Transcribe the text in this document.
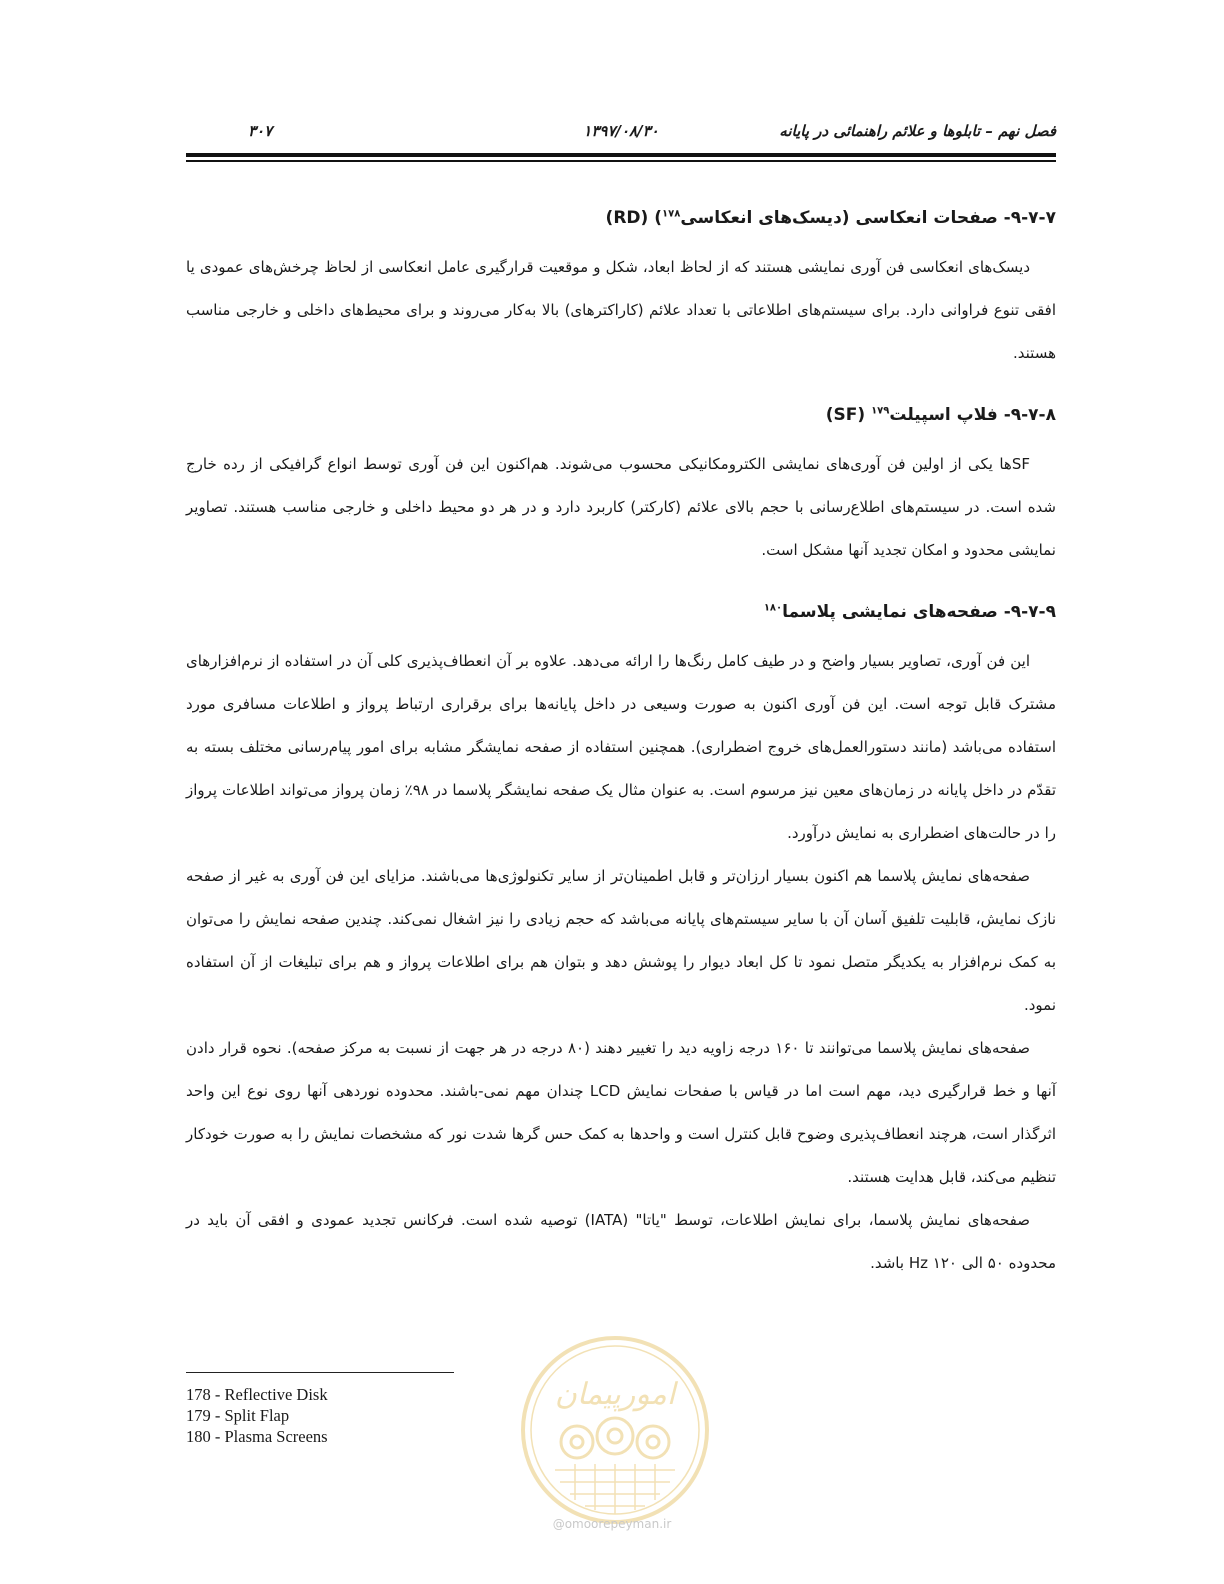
فصل نهم – تابلوها و علائم راهنمائی در پایانه
۱۳۹۷/۰۸/۳۰
۳۰۷
۹-۷-۷- صفحات انعکاسی (دیسک‌های انعکاسی$^{۱۷۸}$) (RD)

دیسک‌های انعکاسی فن آوری نمایشی هستند که از لحاظ ابعاد، شکل و موقعیت قرارگیری عامل انعکاسی از لحاظ چرخش‌های عمودی یا افقی تنوع فراوانی دارد. برای سیستم‌های اطلاعاتی با تعداد علائم (کاراکترهای) بالا به‌کار می‌روند و برای محیط‌های داخلی و خارجی مناسب هستند.

۹-۷-۸- فلاپ اسپیلت$^{۱۷۹}$ (SF)

SFها یکی از اولین فن آوری‌های نمایشی الکترومکانیکی محسوب می‌شوند. هم‌اکنون این فن آوری توسط انواع گرافیکی از رده خارج شده است. در سیستم‌های اطلاع‌رسانی با حجم بالای علائم (کارکتر) کاربرد دارد و در هر دو محیط داخلی و خارجی مناسب هستند. تصاویر نمایشی محدود و امکان تجدید آنها مشکل است.

۹-۷-۹- صفحه‌های نمایشی پلاسما$^{۱۸۰}$

این فن آوری، تصاویر بسیار واضح و در طیف کامل رنگ‌ها را ارائه می‌دهد. علاوه بر آن انعطاف‌پذیری کلی آن در استفاده از نرم‌افزارهای مشترک قابل توجه است. این فن آوری اکنون به صورت وسیعی در داخل پایانه‌ها برای برقراری ارتباط پرواز و اطلاعات مسافری مورد استفاده می‌باشد (مانند دستورالعمل‌های خروج اضطراری). همچنین استفاده از صفحه نمایشگر مشابه برای امور پیام‌رسانی مختلف بسته به تقدّم در داخل پایانه در زمان‌های معین نیز مرسوم است. به عنوان مثال یک صفحه نمایشگر پلاسما در ۹۸٪ زمان پرواز می‌تواند اطلاعات پرواز را در حالت‌های اضطراری به نمایش درآورد.

صفحه‌های نمایش پلاسما هم اکنون بسیار ارزان‌تر و قابل اطمینان‌تر از سایر تکنولوژی‌ها می‌باشند. مزایای این فن آوری به غیر از صفحه نازک نمایش، قابلیت تلفیق آسان آن با سایر سیستم‌های پایانه می‌باشد که حجم زیادی را نیز اشغال نمی‌کند. چندین صفحه نمایش را می‌توان به کمک نرم‌افزار به یکدیگر متصل نمود تا کل ابعاد دیوار را پوشش دهد و بتوان هم برای اطلاعات پرواز و هم برای تبلیغات از آن استفاده نمود.

صفحه‌های نمایش پلاسما می‌توانند تا ۱۶۰ درجه زاویه دید را تغییر دهند (۸۰ درجه در هر جهت از نسبت به مرکز صفحه). نحوه قرار دادن آنها و خط قرارگیری دید، مهم است اما در قیاس با صفحات نمایش LCD چندان مهم نمی-باشند. محدوده نوردهی آنها روی نوع این واحد اثرگذار است، هرچند انعطاف‌پذیری وضوح قابل کنترل است و واحدها به کمک حس گرها شدت نور که مشخصات نمایش را به صورت خودکار تنظیم می‌کند، قابل هدایت هستند.

صفحه‌های نمایش پلاسما، برای نمایش اطلاعات، توسط "یاتا" (IATA) توصیه شده است. فرکانس تجدید عمودی و افقی آن باید در محدوده ۵۰ الی ۱۲۰ Hz باشد.

178 - Reflective Disk
179 - Split Flap
180 - Plasma Screens
امورپیمان
@omoorepeyman.ir
